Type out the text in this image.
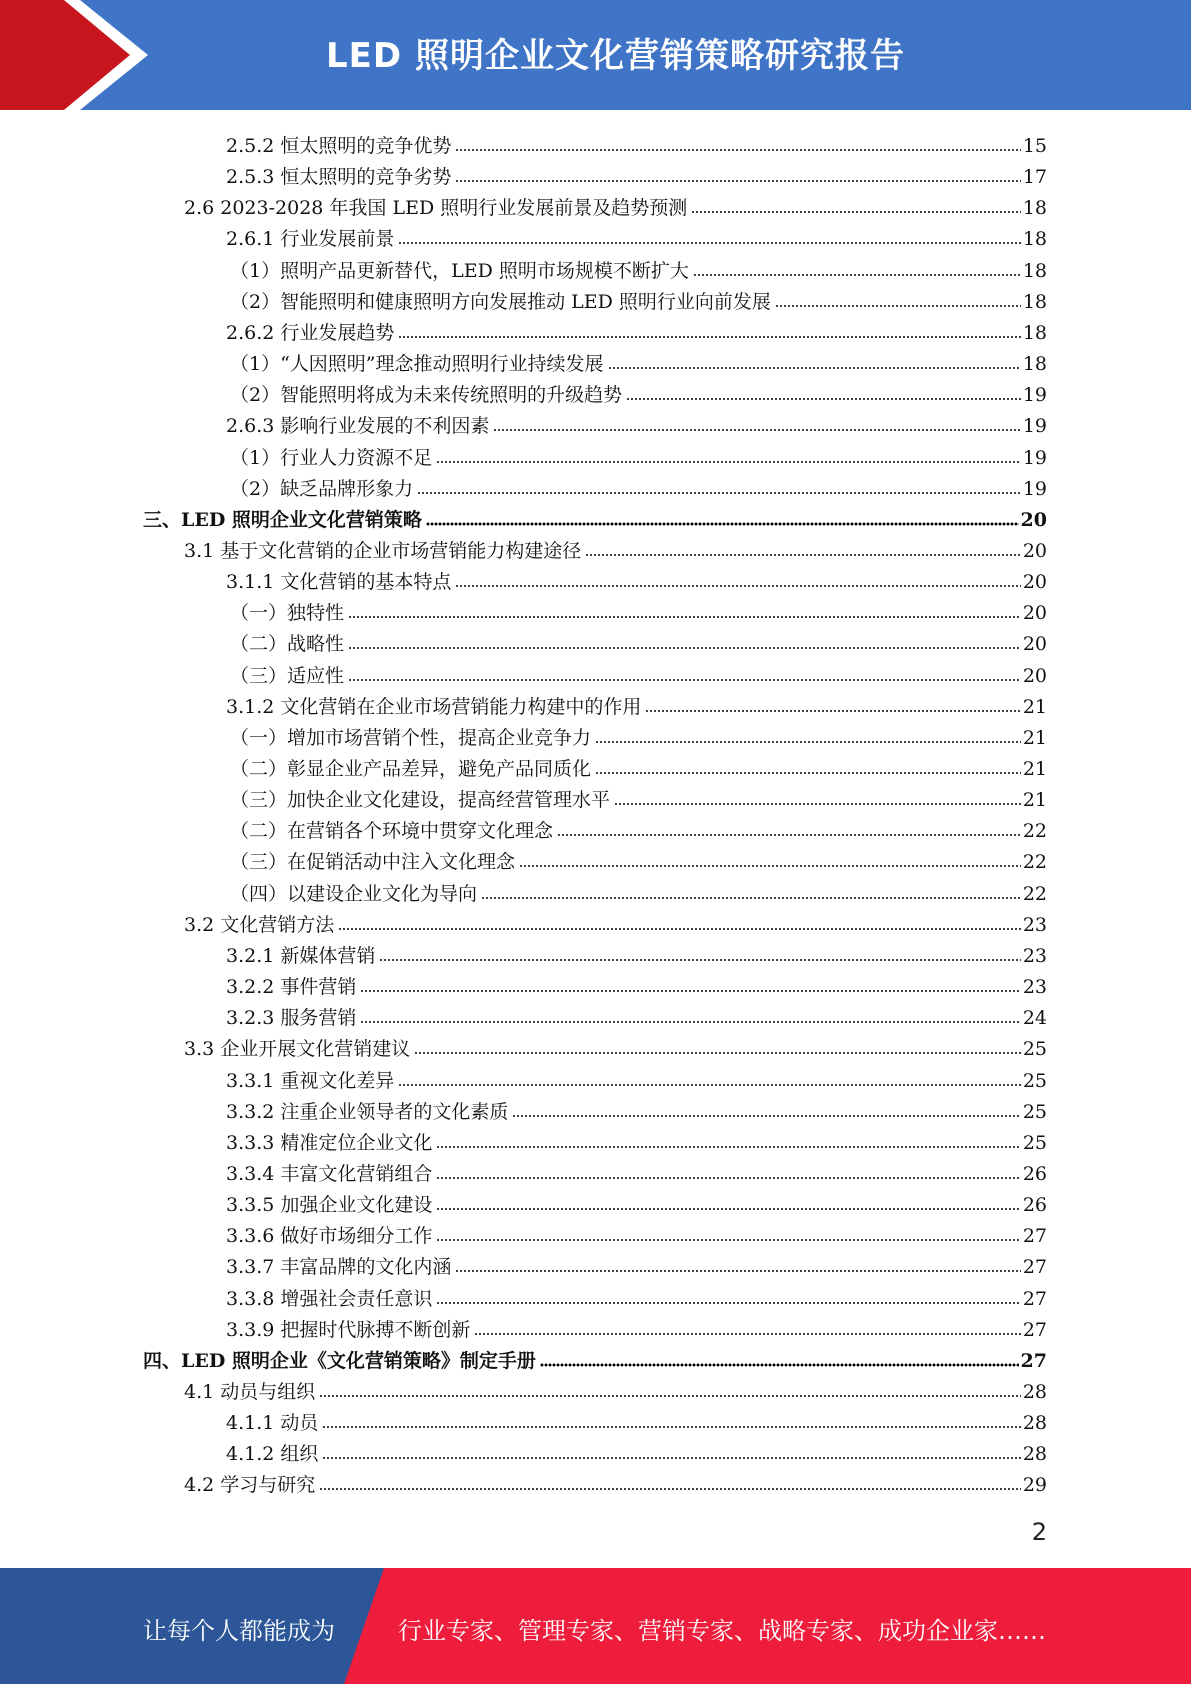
LED 照明企业文化营销策略研究报告
2.5.2 恒太照明的竞争优势	15
2.5.3 恒太照明的竞争劣势	17
2.6 2023-2028 年我国 LED 照明行业发展前景及趋势预测	18
2.6.1 行业发展前景	18
（1）照明产品更新替代，LED 照明市场规模不断扩大	18
（2）智能照明和健康照明方向发展推动 LED 照明行业向前发展	18
2.6.2 行业发展趋势	18
（1）“人因照明”理念推动照明行业持续发展	18
（2）智能照明将成为未来传统照明的升级趋势	19
2.6.3 影响行业发展的不利因素	19
（1）行业人力资源不足	19
（2）缺乏品牌形象力	19
三、LED 照明企业文化营销策略	20
3.1 基于文化营销的企业市场营销能力构建途径	20
3.1.1 文化营销的基本特点	20
（一）独特性	20
（二）战略性	20
（三）适应性	20
3.1.2 文化营销在企业市场营销能力构建中的作用	21
（一）增加市场营销个性，提高企业竞争力	21
（二）彰显企业产品差异，避免产品同质化	21
（三）加快企业文化建设，提高经营管理水平	21
（二）在营销各个环境中贯穿文化理念	22
（三）在促销活动中注入文化理念	22
（四）以建设企业文化为导向	22
3.2 文化营销方法	23
3.2.1 新媒体营销	23
3.2.2 事件营销	23
3.2.3 服务营销	24
3.3 企业开展文化营销建议	25
3.3.1 重视文化差异	25
3.3.2 注重企业领导者的文化素质	25
3.3.3 精准定位企业文化	25
3.3.4 丰富文化营销组合	26
3.3.5 加强企业文化建设	26
3.3.6 做好市场细分工作	27
3.3.7 丰富品牌的文化内涵	27
3.3.8 增强社会责任意识	27
3.3.9 把握时代脉搏不断创新	27
四、LED 照明企业《文化营销策略》制定手册	27
4.1 动员与组织	28
4.1.1 动员	28
4.1.2 组织	28
4.2 学习与研究	29
2
让每个人都能成为	行业专家、管理专家、营销专家、战略专家、成功企业家……
